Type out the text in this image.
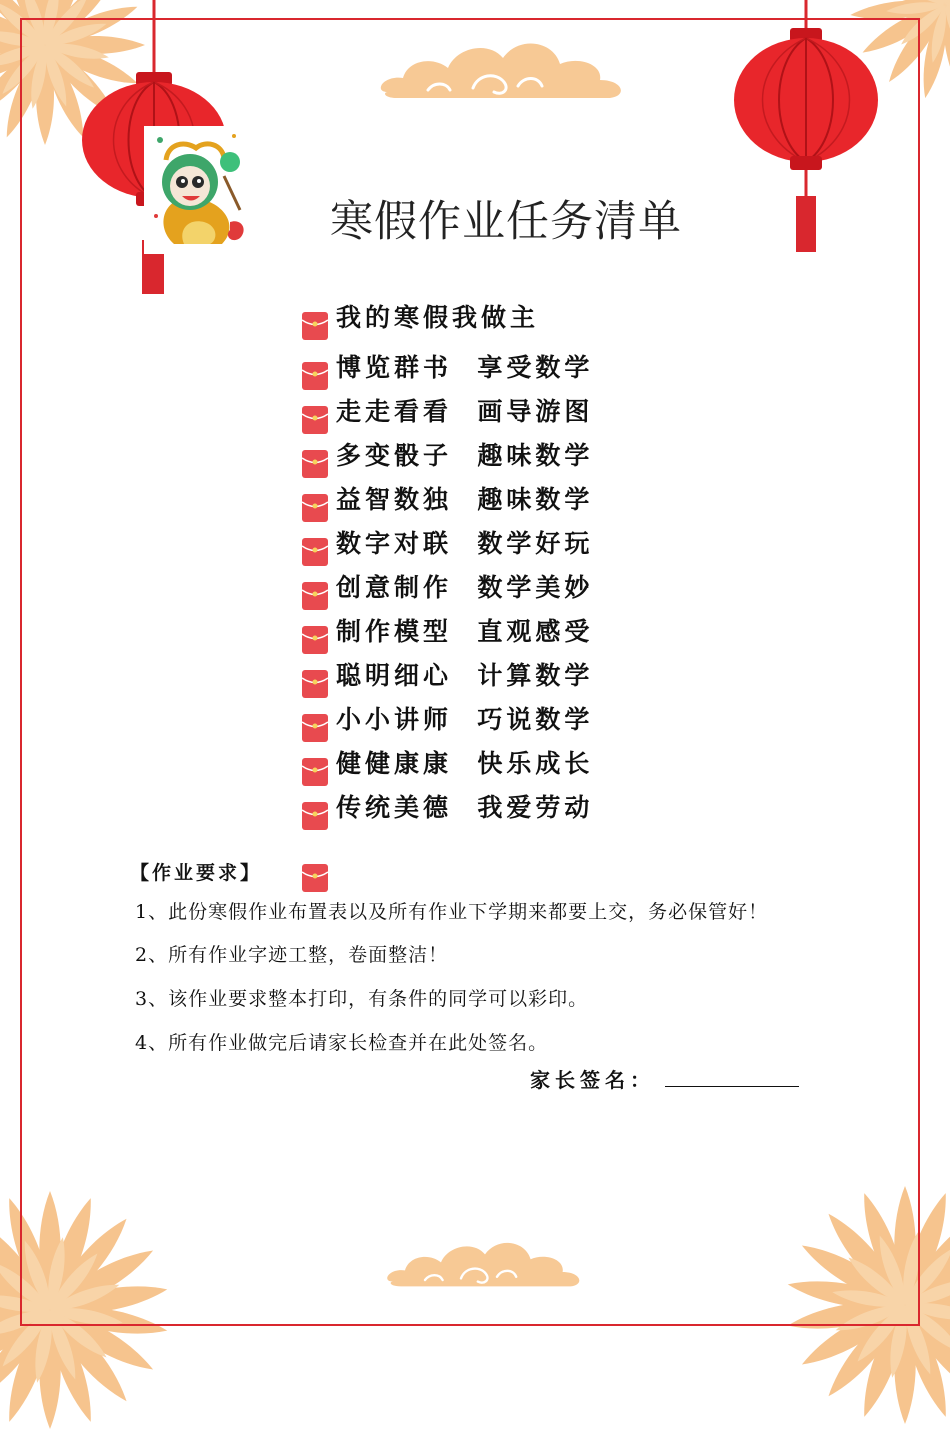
寒假作业任务清单
我的寒假我做主
博览群书  享受数学
走走看看  画导游图
多变骰子  趣味数学
益智数独  趣味数学
数字对联  数学好玩
创意制作  数学美妙
制作模型  直观感受
聪明细心  计算数学
小小讲师  巧说数学
健健康康  快乐成长
传统美德  我爱劳动
【作业要求】
1、此份寒假作业布置表以及所有作业下学期来都要上交，务必保管好！
2、所有作业字迹工整，卷面整洁！
3、该作业要求整本打印，有条件的同学可以彩印。
4、所有作业做完后请家长检查并在此处签名。
家长签名：
